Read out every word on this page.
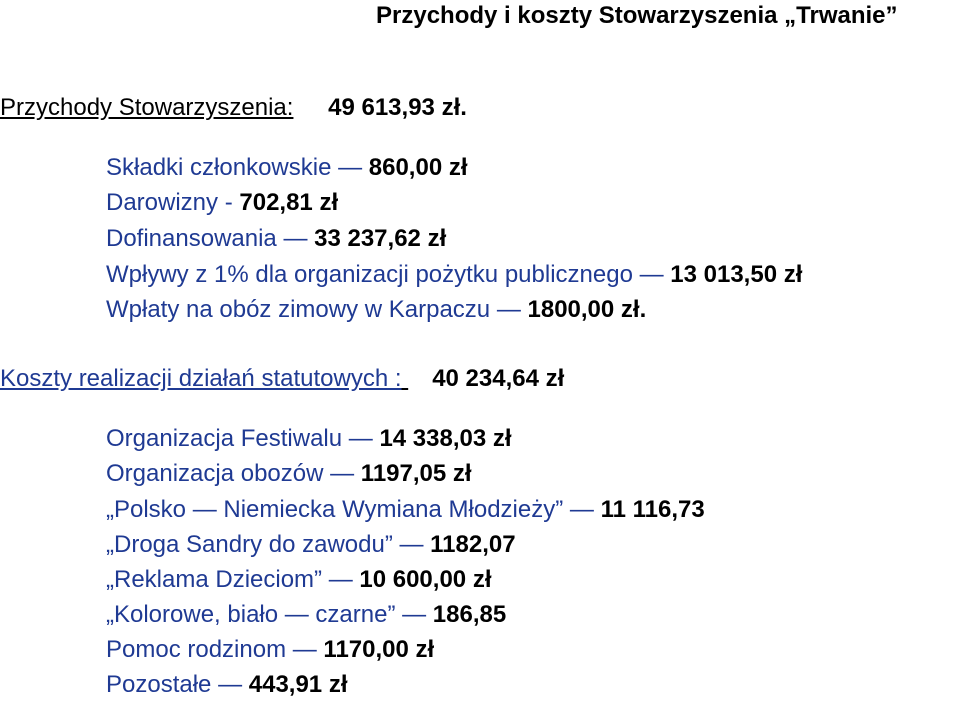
Przychody i koszty Stowarzyszenia „Trwanie”
Przychody Stowarzyszenia: 49 613,93 zł.
Składki członkowskie — 860,00 zł
Darowizny - 702,81 zł
Dofinansowania — 33 237,62 zł
Wpływy z 1% dla organizacji pożytku publicznego — 13 013,50 zł
Wpłaty na obóz zimowy w Karpaczu — 1800,00 zł.
Koszty realizacji działań statutowych : 40 234,64 zł
Organizacja Festiwalu — 14 338,03 zł
Organizacja obozów — 1197,05 zł
„Polsko — Niemiecka Wymiana Młodzieży” — 11 116,73
„Droga Sandry do zawodu” — 1182,07
„Reklama Dzieciom” — 10 600,00 zł
„Kolorowe, biało — czarne” — 186,85
Pomoc rodzinom — 1170,00 zł
Pozostałe — 443,91 zł
